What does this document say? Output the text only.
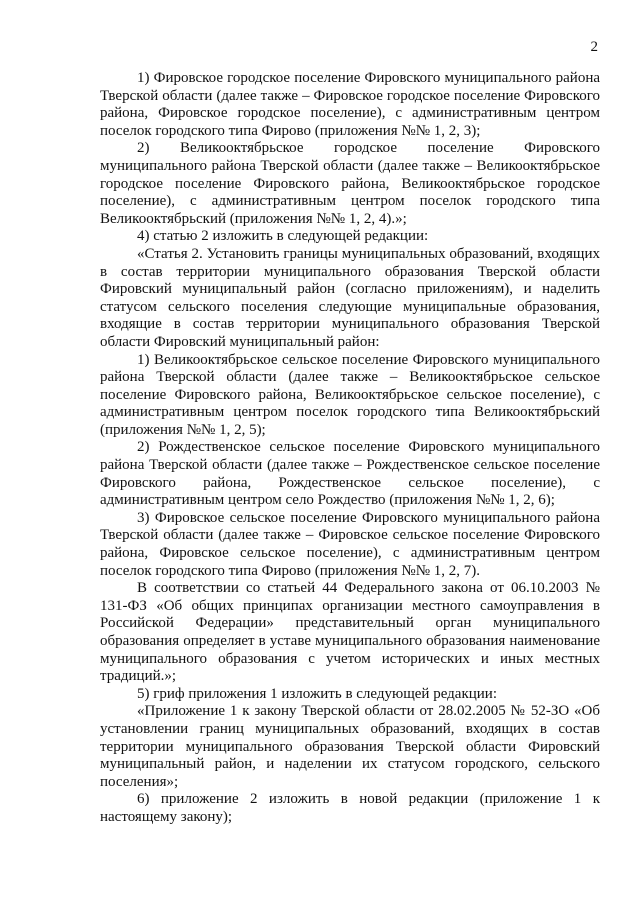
2

1) Фировское городское поселение Фировского муниципального района Тверской области (далее также – Фировское городское поселение Фировского района, Фировское городское поселение), с административным центром поселок городского типа Фирово (приложения №№ 1, 2, 3);

2) Великооктябрьское городское поселение Фировского муниципального района Тверской области (далее также – Великооктябрьское городское поселение Фировского района, Великооктябрьское городское поселение), с административным центром поселок городского типа Великооктябрьский (приложения №№ 1, 2, 4).»;

4) статью 2 изложить в следующей редакции:

«Статья 2. Установить границы муниципальных образований, входящих в состав территории муниципального образования Тверской области Фировский муниципальный район (согласно приложениям), и наделить статусом сельского поселения следующие муниципальные образования, входящие в состав территории муниципального образования Тверской области Фировский муниципальный район:

1) Великооктябрьское сельское поселение Фировского муниципального района Тверской области (далее также – Великооктябрьское сельское поселение Фировского района, Великооктябрьское сельское поселение), с административным центром поселок городского типа Великооктябрьский (приложения №№ 1, 2, 5);

2) Рождественское сельское поселение Фировского муниципального района Тверской области (далее также – Рождественское сельское поселение Фировского района, Рождественское сельское поселение), с административным центром село Рождество (приложения №№ 1, 2, 6);

3) Фировское сельское поселение Фировского муниципального района Тверской области (далее также – Фировское сельское поселение Фировского района, Фировское сельское поселение), с административным центром поселок городского типа Фирово (приложения №№ 1, 2, 7).

В соответствии со статьей 44 Федерального закона от 06.10.2003 № 131-ФЗ «Об общих принципах организации местного самоуправления в Российской Федерации» представительный орган муниципального образования определяет в уставе муниципального образования наименование муниципального образования с учетом исторических и иных местных традиций.»;

5) гриф приложения 1 изложить в следующей редакции:

«Приложение 1 к закону Тверской области от 28.02.2005 № 52-ЗО «Об установлении границ муниципальных образований, входящих в состав территории муниципального образования Тверской области Фировский муниципальный район, и наделении их статусом городского, сельского поселения»;

6) приложение 2 изложить в новой редакции (приложение 1 к настоящему закону);
